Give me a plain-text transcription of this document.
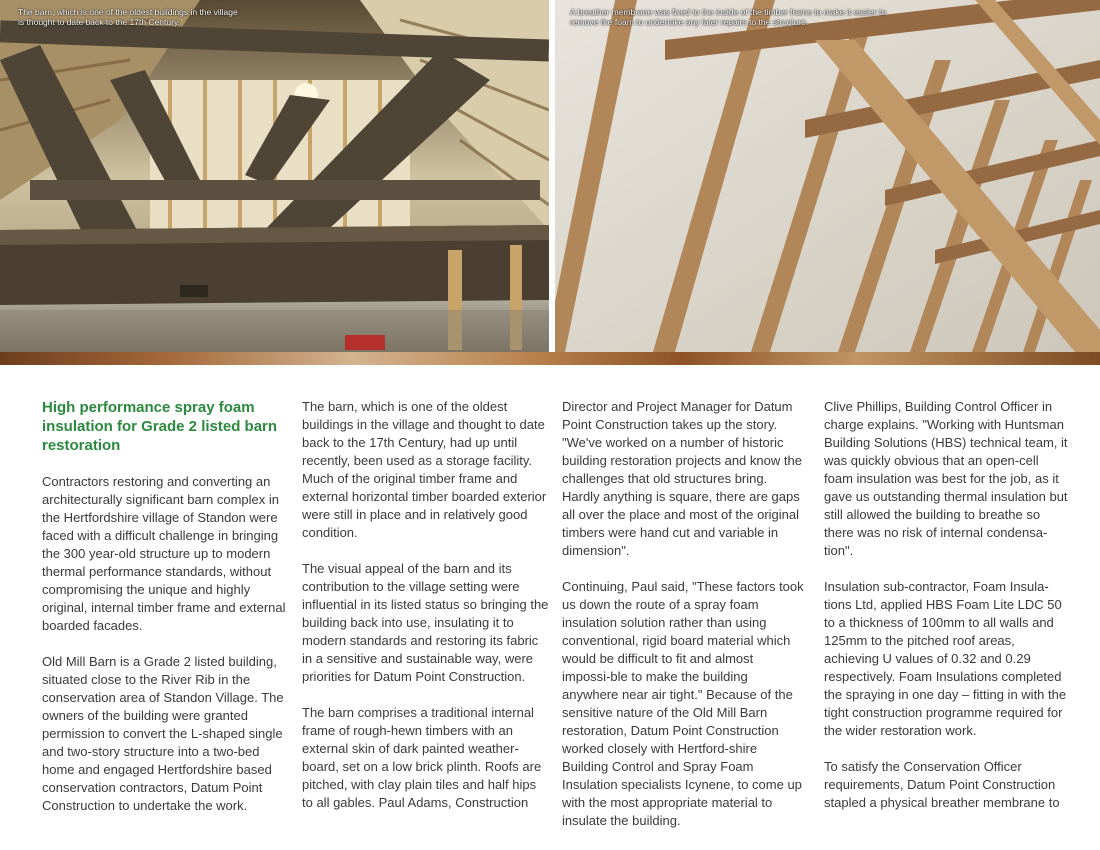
The barn, which is one of the oldest buildings in the village is thought to date back to the 17th Century.
A breather membrane was fixed to the inside of the timber frame to make it easier to remove the foam to undertake any later repairs to the structure.
High performance spray foam insulation for Grade 2 listed barn restoration

Contractors restoring and converting an architecturally significant barn complex in the Hertfordshire village of Standon were faced with a difficult challenge in bringing the 300 year-old structure up to modern thermal performance standards, without compromising the unique and highly original, internal timber frame and external boarded facades.

Old Mill Barn is a Grade 2 listed building, situated close to the River Rib in the conservation area of Standon Village. The owners of the building were granted permission to convert the L-shaped single and two-story structure into a two-bed home and engaged Hertfordshire based conservation contractors, Datum Point Construction to undertake the work.

The barn, which is one of the oldest buildings in the village and thought to date back to the 17th Century, had up until recently, been used as a storage facility. Much of the original timber frame and external horizontal timber boarded exterior were still in place and in relatively good condition.

The visual appeal of the barn and its contribution to the village setting were influential in its listed status so bringing the building back into use, insulating it to modern standards and restoring its fabric in a sensitive and sustainable way, were priorities for Datum Point Construction.

The barn comprises a traditional internal frame of rough-hewn timbers with an external skin of dark painted weather-board, set on a low brick plinth. Roofs are pitched, with clay plain tiles and half hips to all gables. Paul Adams, Construction

Director and Project Manager for Datum Point Construction takes up the story. "We've worked on a number of historic building restoration projects and know the challenges that old structures bring. Hardly anything is square, there are gaps all over the place and most of the original timbers were hand cut and variable in dimension".

Continuing, Paul said, "These factors took us down the route of a spray foam insulation solution rather than using conventional, rigid board material which would be difficult to fit and almost impossi-ble to make the building anywhere near air tight." Because of the sensitive nature of the Old Mill Barn restoration, Datum Point Construction worked closely with Hertford-shire Building Control and Spray Foam Insulation specialists Icynene, to come up with the most appropriate material to insulate the building.

Clive Phillips, Building Control Officer in charge explains. "Working with Huntsman Building Solutions (HBS) technical team, it was quickly obvious that an open-cell foam insulation was best for the job, as it gave us outstanding thermal insulation but still allowed the building to breathe so there was no risk of internal condensa-tion".

Insulation sub-contractor, Foam Insula-tions Ltd, applied HBS Foam Lite LDC 50 to a thickness of 100mm to all walls and 125mm to the pitched roof areas, achieving U values of 0.32 and 0.29 respectively. Foam Insulations completed the spraying in one day – fitting in with the tight construction programme required for the wider restoration work.

To satisfy the Conservation Officer requirements, Datum Point Construction stapled a physical breather membrane to
